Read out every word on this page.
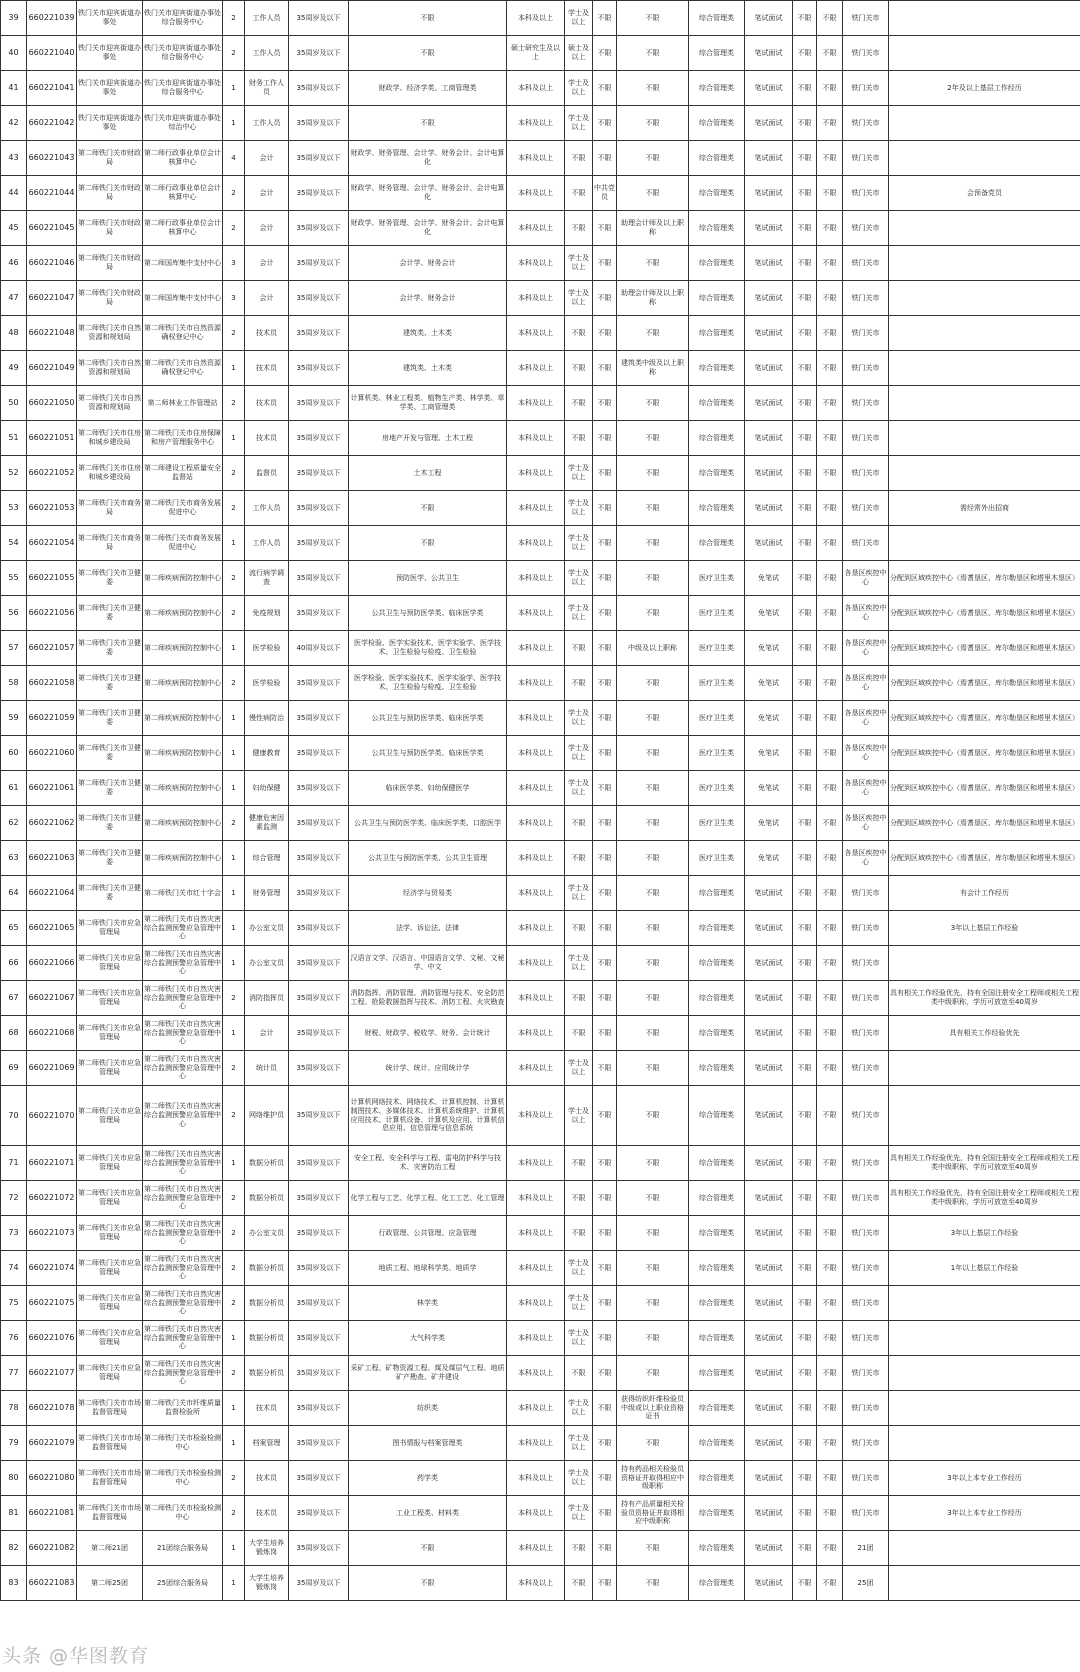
39	660221039	铁门关市迎宾街道办事处	铁门关市迎宾街道办事处综合服务中心	2	工作人员	35周岁及以下	不限	本科及以上	学士及以上	不限	不限	综合管理类	笔试面试	不限	不限	铁门关市	
40	660221040	铁门关市迎宾街道办事处	铁门关市迎宾街道办事处综合服务中心	2	工作人员	35周岁及以下	不限	硕士研究生及以上	硕士及以上	不限	不限	综合管理类	笔试面试	不限	不限	铁门关市	
41	660221041	铁门关市迎宾街道办事处	铁门关市迎宾街道办事处综合服务中心	1	财务工作人员	35周岁及以下	财政学、经济学类、工商管理类	本科及以上	学士及以上	不限	不限	综合管理类	笔试面试	不限	不限	铁门关市	2年及以上基层工作经历
42	660221042	铁门关市迎宾街道办事处	铁门关市迎宾街道办事处综治中心	1	工作人员	35周岁及以下	不限	本科及以上	学士及以上	不限	不限	综合管理类	笔试面试	不限	不限	铁门关市	
43	660221043	第二师铁门关市财政局	第二师行政事业单位会计核算中心	4	会计	35周岁及以下	财政学、财务管理、会计学、财务会计、会计电算化	本科及以上	不限	不限	不限	综合管理类	笔试面试	不限	不限	铁门关市	
44	660221044	第二师铁门关市财政局	第二师行政事业单位会计核算中心	2	会计	35周岁及以下	财政学、财务管理、会计学、财务会计、会计电算化	本科及以上	不限	中共党员	不限	综合管理类	笔试面试	不限	不限	铁门关市	会预备党员
45	660221045	第二师铁门关市财政局	第二师行政事业单位会计核算中心	2	会计	35周岁及以下	财政学、财务管理、会计学、财务会计、会计电算化	本科及以上	不限	不限	助理会计师及以上职称	综合管理类	笔试面试	不限	不限	铁门关市	
46	660221046	第二师铁门关市财政局	第二师国库集中支付中心	3	会计	35周岁及以下	会计学、财务会计	本科及以上	学士及以上	不限	不限	综合管理类	笔试面试	不限	不限	铁门关市	
47	660221047	第二师铁门关市财政局	第二师国库集中支付中心	3	会计	35周岁及以下	会计学、财务会计	本科及以上	学士及以上	不限	助理会计师及以上职称	综合管理类	笔试面试	不限	不限	铁门关市	
48	660221048	第二师铁门关市自然资源和规划局	第二师铁门关市自然资源确权登记中心	2	技术员	35周岁及以下	建筑类、土木类	本科及以上	不限	不限	不限	综合管理类	笔试面试	不限	不限	铁门关市	
49	660221049	第二师铁门关市自然资源和规划局	第二师铁门关市自然资源确权登记中心	1	技术员	35周岁及以下	建筑类、土木类	本科及以上	不限	不限	建筑类中级及以上职称	综合管理类	笔试面试	不限	不限	铁门关市	
50	660221050	第二师铁门关市自然资源和规划局	第二师林业工作管理站	2	技术员	35周岁及以下	计算机类、林业工程类、植物生产类、林学类、草学类、工商管理类	本科及以上	不限	不限	不限	综合管理类	笔试面试	不限	不限	铁门关市	
51	660221051	第二师铁门关市住房和城乡建设局	第二师铁门关市住房保障和房产管理服务中心	1	技术员	35周岁及以下	房地产开发与管理、土木工程	本科及以上	不限	不限	不限	综合管理类	笔试面试	不限	不限	铁门关市	
52	660221052	第二师铁门关市住房和城乡建设局	第二师建设工程质量安全监督站	2	监督员	35周岁及以下	土木工程	本科及以上	学士及以上	不限	不限	综合管理类	笔试面试	不限	不限	铁门关市	
53	660221053	第二师铁门关市商务局	第二师铁门关市商务发展促进中心	2	工作人员	35周岁及以下	不限	本科及以上	学士及以上	不限	不限	综合管理类	笔试面试	不限	不限	铁门关市	需经常外出招商
54	660221054	第二师铁门关市商务局	第二师铁门关市商务发展促进中心	1	工作人员	35周岁及以下	不限	本科及以上	学士及以上	不限	不限	综合管理类	笔试面试	不限	不限	铁门关市	
55	660221055	第二师铁门关市卫健委	第二师疾病预防控制中心	2	流行病学调查	35周岁及以下	预防医学、公共卫生	本科及以上	学士及以上	不限	不限	医疗卫生类	免笔试	不限	不限	各垦区疾控中心	分配到区域疾控中心（焉耆垦区、库尔勒垦区和塔里木垦区）
56	660221056	第二师铁门关市卫健委	第二师疾病预防控制中心	2	免疫规划	35周岁及以下	公共卫生与预防医学类、临床医学类	本科及以上	学士及以上	不限	不限	医疗卫生类	免笔试	不限	不限	各垦区疾控中心	分配到区域疾控中心（焉耆垦区、库尔勒垦区和塔里木垦区）
57	660221057	第二师铁门关市卫健委	第二师疾病预防控制中心	1	医学检验	40周岁及以下	医学检验、医学实验技术、医学实验学、医学技术、卫生检验与检疫、卫生检验	本科及以上	不限	不限	中级及以上职称	医疗卫生类	免笔试	不限	不限	各垦区疾控中心	分配到区域疾控中心（焉耆垦区、库尔勒垦区和塔里木垦区）
58	660221058	第二师铁门关市卫健委	第二师疾病预防控制中心	2	医学检验	35周岁及以下	医学检验、医学实验技术、医学实验学、医学技术、卫生检验与检疫、卫生检验	本科及以上	不限	不限	不限	医疗卫生类	免笔试	不限	不限	各垦区疾控中心	分配到区域疾控中心（焉耆垦区、库尔勒垦区和塔里木垦区）
59	660221059	第二师铁门关市卫健委	第二师疾病预防控制中心	1	慢性病防治	35周岁及以下	公共卫生与预防医学类、临床医学类	本科及以上	学士及以上	不限	不限	医疗卫生类	免笔试	不限	不限	各垦区疾控中心	分配到区域疾控中心（焉耆垦区、库尔勒垦区和塔里木垦区）
60	660221060	第二师铁门关市卫健委	第二师疾病预防控制中心	1	健康教育	35周岁及以下	公共卫生与预防医学类、临床医学类	本科及以上	学士及以上	不限	不限	医疗卫生类	免笔试	不限	不限	各垦区疾控中心	分配到区域疾控中心（焉耆垦区、库尔勒垦区和塔里木垦区）
61	660221061	第二师铁门关市卫健委	第二师疾病预防控制中心	1	妇幼保健	35周岁及以下	临床医学类、妇幼保健医学	本科及以上	学士及以上	不限	不限	医疗卫生类	免笔试	不限	不限	各垦区疾控中心	分配到区域疾控中心（焉耆垦区、库尔勒垦区和塔里木垦区）
62	660221062	第二师铁门关市卫健委	第二师疾病预防控制中心	2	健康危害因素监测	35周岁及以下	公共卫生与预防医学类、临床医学类、口腔医学	本科及以上	不限	不限	不限	医疗卫生类	免笔试	不限	不限	各垦区疾控中心	分配到区域疾控中心（焉耆垦区、库尔勒垦区和塔里木垦区）
63	660221063	第二师铁门关市卫健委	第二师疾病预防控制中心	1	综合管理	35周岁及以下	公共卫生与预防医学类、公共卫生管理	本科及以上	不限	不限	不限	医疗卫生类	免笔试	不限	不限	各垦区疾控中心	分配到区域疾控中心（焉耆垦区、库尔勒垦区和塔里木垦区）
64	660221064	第二师铁门关市卫健委	第二师铁门关市红十字会	1	财务管理	35周岁及以下	经济学与贸易类	本科及以上	学士及以上	不限	不限	综合管理类	笔试面试	不限	不限	铁门关市	有会计工作经历
65	660221065	第二师铁门关市应急管理局	第二师铁门关市自然灾害综合监测预警应急管理中心	1	办公室文员	35周岁及以下	法学、诉讼法、法律	本科及以上	不限	不限	不限	综合管理类	笔试面试	不限	不限	铁门关市	3年以上基层工作经验
66	660221066	第二师铁门关市应急管理局	第二师铁门关市自然灾害综合监测预警应急管理中心	1	办公室文员	35周岁及以下	汉语言文学、汉语言、中国语言文学、文秘、文秘学、中文	本科及以上	学士及以上	不限	不限	综合管理类	笔试面试	不限	不限	铁门关市	
67	660221067	第二师铁门关市应急管理局	第二师铁门关市自然灾害综合监测预警应急管理中心	2	消防指挥员	35周岁及以下	消防指挥、消防管理、消防管理与技术、安全防范工程、抢险救援指挥与技术、消防工程、火灾勘查	本科及以上	不限	不限	不限	综合管理类	笔试面试	不限	不限	铁门关市	具有相关工作经验优先，持有全国注册安全工程师或相关工程类中级职称，学历可放宽至40周岁
68	660221068	第二师铁门关市应急管理局	第二师铁门关市自然灾害综合监测预警应急管理中心	1	会计	35周岁及以下	财税、财政学、税收学、财务、会计统计	本科及以上	不限	不限	不限	综合管理类	笔试面试	不限	不限	铁门关市	具有相关工作经验优先
69	660221069	第二师铁门关市应急管理局	第二师铁门关市自然灾害综合监测预警应急管理中心	2	统计员	35周岁及以下	统计学、统计、应用统计学	本科及以上	学士及以上	不限	不限	综合管理类	笔试面试	不限	不限	铁门关市	
70	660221070	第二师铁门关市应急管理局	第二师铁门关市自然灾害综合监测预警应急管理中心	2	网络维护员	35周岁及以下	计算机网络技术、网络技术、计算机控制、计算机制图技术、多媒体技术、计算机系统维护、计算机应用技术、计算机设备、计算机及应用、计算机信息应用、信息管理与信息系统	本科及以上	学士及以上	不限	不限	综合管理类	笔试面试	不限	不限	铁门关市	
71	660221071	第二师铁门关市应急管理局	第二师铁门关市自然灾害综合监测预警应急管理中心	1	数据分析员	35周岁及以下	安全工程、安全科学与工程、雷电防护科学与技术、灾害防治工程	本科及以上	不限	不限	不限	综合管理类	笔试面试	不限	不限	铁门关市	具有相关工作经验优先，持有全国注册安全工程师或相关工程类中级职称，学历可放宽至40周岁
72	660221072	第二师铁门关市应急管理局	第二师铁门关市自然灾害综合监测预警应急管理中心	2	数据分析员	35周岁及以下	化学工程与工艺、化学工程、化工工艺、化工管理	本科及以上	不限	不限	不限	综合管理类	笔试面试	不限	不限	铁门关市	具有相关工作经验优先，持有全国注册安全工程师或相关工程类中级职称，学历可放宽至40周岁
73	660221073	第二师铁门关市应急管理局	第二师铁门关市自然灾害综合监测预警应急管理中心	2	办公室文员	35周岁及以下	行政管理、公共管理、应急管理	本科及以上	不限	不限	不限	综合管理类	笔试面试	不限	不限	铁门关市	3年以上基层工作经验
74	660221074	第二师铁门关市应急管理局	第二师铁门关市自然灾害综合监测预警应急管理中心	2	数据分析员	35周岁及以下	地质工程、地球科学类、地质学	本科及以上	学士及以上	不限	不限	综合管理类	笔试面试	不限	不限	铁门关市	1年以上基层工作经验
75	660221075	第二师铁门关市应急管理局	第二师铁门关市自然灾害综合监测预警应急管理中心	2	数据分析员	35周岁及以下	林学类	本科及以上	学士及以上	不限	不限	综合管理类	笔试面试	不限	不限	铁门关市	
76	660221076	第二师铁门关市应急管理局	第二师铁门关市自然灾害综合监测预警应急管理中心	1	数据分析员	35周岁及以下	大气科学类	本科及以上	学士及以上	不限	不限	综合管理类	笔试面试	不限	不限	铁门关市	
77	660221077	第二师铁门关市应急管理局	第二师铁门关市自然灾害综合监测预警应急管理中心	2	数据分析员	35周岁及以下	采矿工程、矿物资源工程、煤及煤层气工程、地质矿产勘查、矿井建设	本科及以上	不限	不限	不限	综合管理类	笔试面试	不限	不限	铁门关市	
78	660221078	第二师铁门关市市场监督管理局	第二师铁门关市纤维质量监督检验所	1	技术员	35周岁及以下	纺织类	本科及以上	学士及以上	不限	获得纺织纤维检验员中级或以上职业资格证书	综合管理类	笔试面试	不限	不限	铁门关市	
79	660221079	第二师铁门关市市场监督管理局	第二师铁门关市检验检测中心	1	档案管理	35周岁及以下	图书情报与档案管理类	本科及以上	学士及以上	不限	不限	综合管理类	笔试面试	不限	不限	铁门关市	
80	660221080	第二师铁门关市市场监督管理局	第二师铁门关市检验检测中心	2	技术员	35周岁及以下	药学类	本科及以上	学士及以上	不限	持有药品相关检验员资格证并取得相应中级职称	综合管理类	笔试面试	不限	不限	铁门关市	3年以上本专业工作经历
81	660221081	第二师铁门关市市场监督管理局	第二师铁门关市检验检测中心	2	技术员	35周岁及以下	工业工程类、材料类	本科及以上	学士及以上	不限	持有产品质量相关检验员资格证并取得相应中级职称	综合管理类	笔试面试	不限	不限	铁门关市	3年以上本专业工作经历
82	660221082	第二师21团	21团综合服务局	1	大学生培养锻炼岗	35周岁及以下	不限	本科及以上	不限	不限	不限	综合管理类	笔试面试	不限	不限	21团	
83	660221083	第二师25团	25团综合服务局	1	大学生培养锻炼岗	35周岁及以下	不限	本科及以上	不限	不限	不限	综合管理类	笔试面试	不限	不限	25团	
头条 @华图教育
